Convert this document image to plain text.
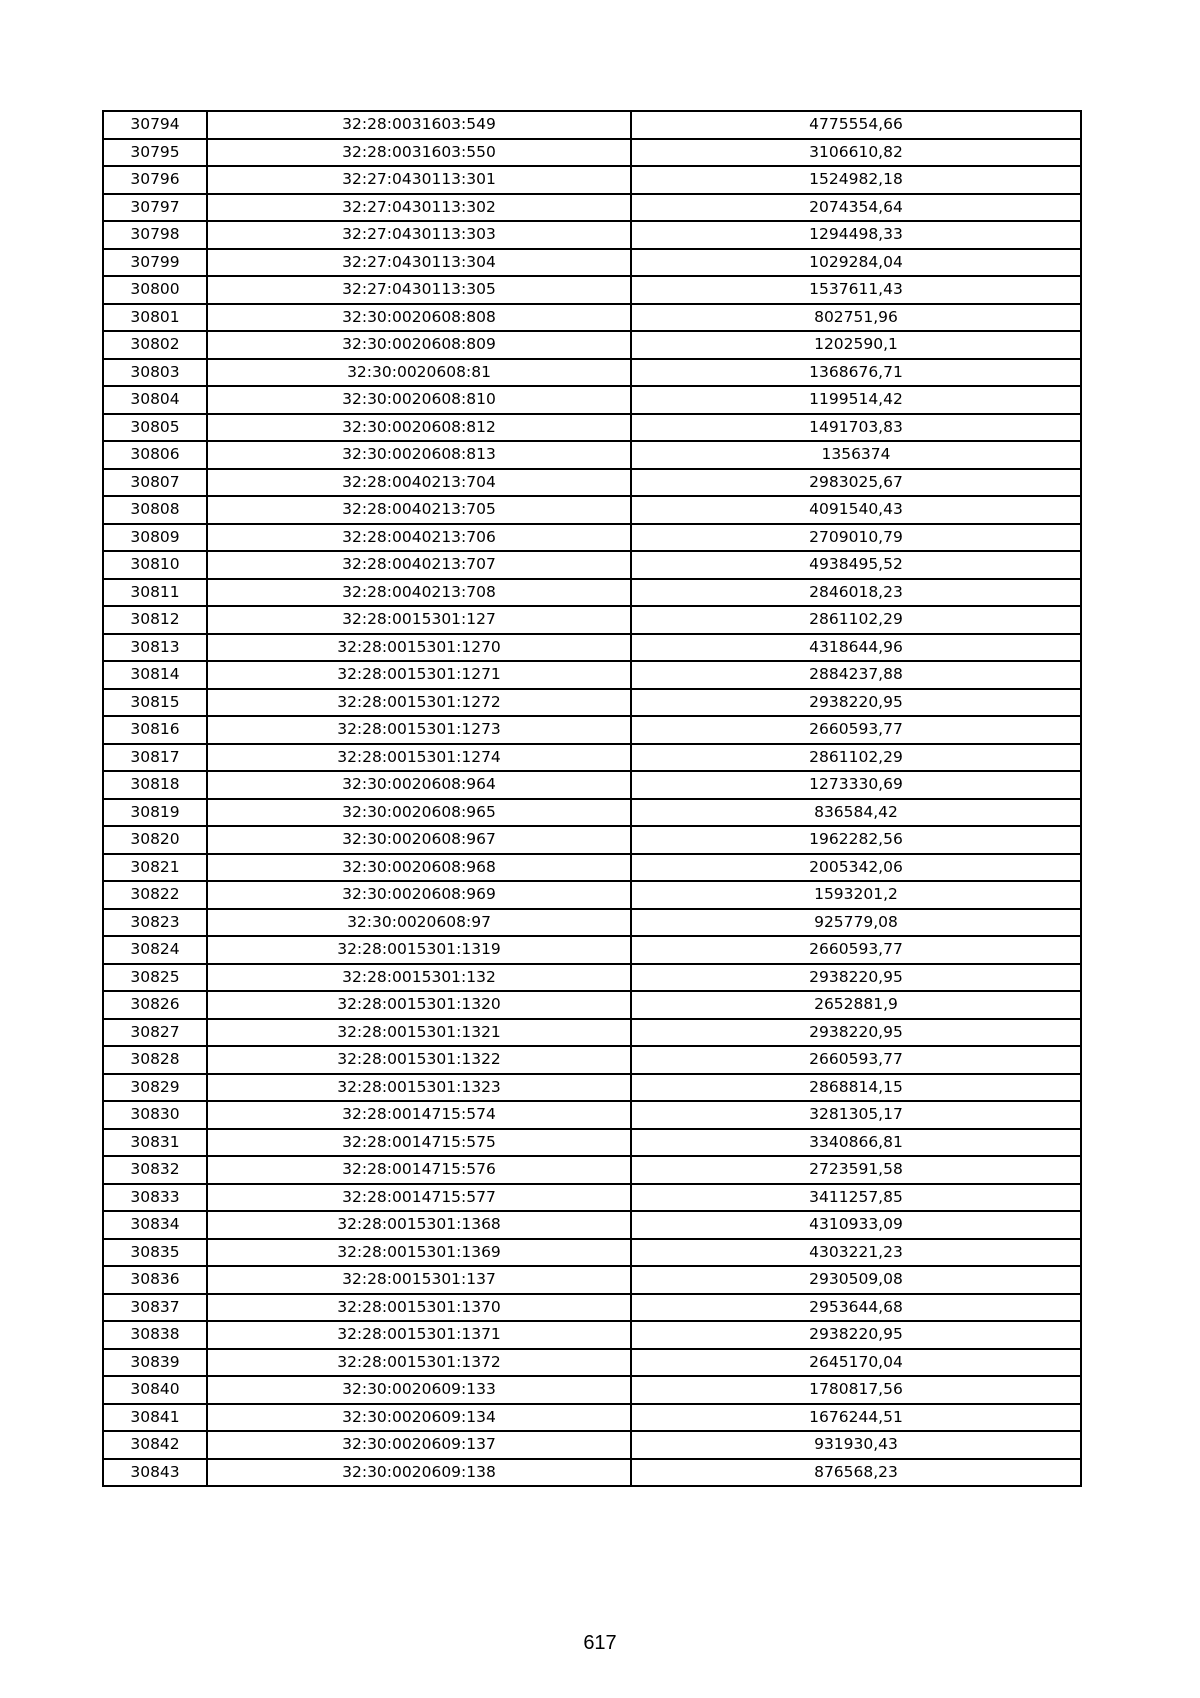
30794	32:28:0031603:549	4775554,66
30795	32:28:0031603:550	3106610,82
30796	32:27:0430113:301	1524982,18
30797	32:27:0430113:302	2074354,64
30798	32:27:0430113:303	1294498,33
30799	32:27:0430113:304	1029284,04
30800	32:27:0430113:305	1537611,43
30801	32:30:0020608:808	802751,96
30802	32:30:0020608:809	1202590,1
30803	32:30:0020608:81	1368676,71
30804	32:30:0020608:810	1199514,42
30805	32:30:0020608:812	1491703,83
30806	32:30:0020608:813	1356374
30807	32:28:0040213:704	2983025,67
30808	32:28:0040213:705	4091540,43
30809	32:28:0040213:706	2709010,79
30810	32:28:0040213:707	4938495,52
30811	32:28:0040213:708	2846018,23
30812	32:28:0015301:127	2861102,29
30813	32:28:0015301:1270	4318644,96
30814	32:28:0015301:1271	2884237,88
30815	32:28:0015301:1272	2938220,95
30816	32:28:0015301:1273	2660593,77
30817	32:28:0015301:1274	2861102,29
30818	32:30:0020608:964	1273330,69
30819	32:30:0020608:965	836584,42
30820	32:30:0020608:967	1962282,56
30821	32:30:0020608:968	2005342,06
30822	32:30:0020608:969	1593201,2
30823	32:30:0020608:97	925779,08
30824	32:28:0015301:1319	2660593,77
30825	32:28:0015301:132	2938220,95
30826	32:28:0015301:1320	2652881,9
30827	32:28:0015301:1321	2938220,95
30828	32:28:0015301:1322	2660593,77
30829	32:28:0015301:1323	2868814,15
30830	32:28:0014715:574	3281305,17
30831	32:28:0014715:575	3340866,81
30832	32:28:0014715:576	2723591,58
30833	32:28:0014715:577	3411257,85
30834	32:28:0015301:1368	4310933,09
30835	32:28:0015301:1369	4303221,23
30836	32:28:0015301:137	2930509,08
30837	32:28:0015301:1370	2953644,68
30838	32:28:0015301:1371	2938220,95
30839	32:28:0015301:1372	2645170,04
30840	32:30:0020609:133	1780817,56
30841	32:30:0020609:134	1676244,51
30842	32:30:0020609:137	931930,43
30843	32:30:0020609:138	876568,23
617
